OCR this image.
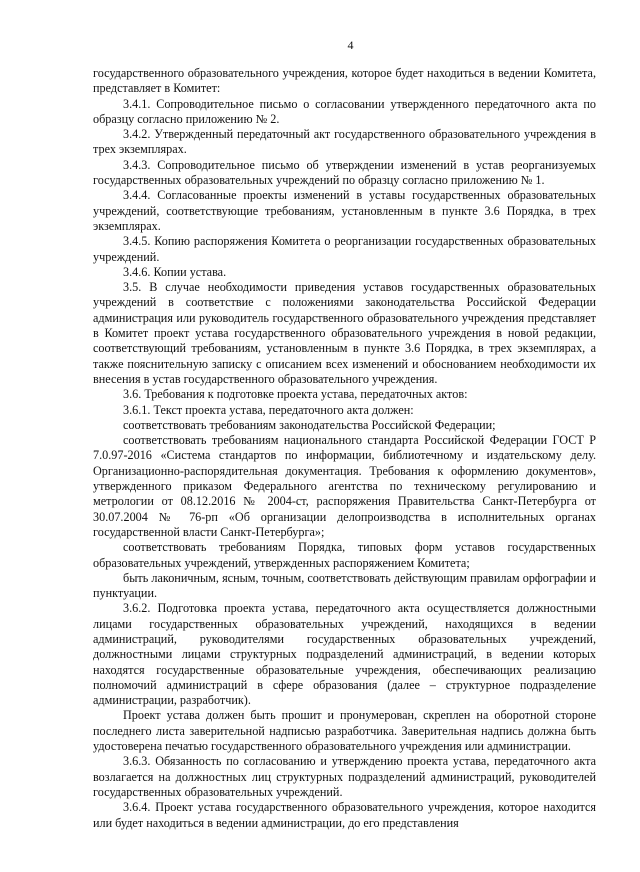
4

государственного образовательного учреждения, которое будет находиться в ведении Комитета, представляет в Комитет:

3.4.1. Сопроводительное письмо о согласовании утвержденного передаточного акта по образцу согласно приложению № 2.

3.4.2. Утвержденный передаточный акт государственного образовательного учреждения в трех экземплярах.

3.4.3. Сопроводительное письмо об утверждении изменений в устав реорганизуемых государственных образовательных учреждений по образцу согласно приложению № 1.

3.4.4. Согласованные проекты изменений в уставы государственных образовательных учреждений, соответствующие требованиям, установленным в пункте 3.6 Порядка, в трех экземплярах.

3.4.5. Копию распоряжения Комитета о реорганизации государственных образовательных учреждений.

3.4.6. Копии устава.

3.5. В случае необходимости приведения уставов государственных образовательных учреждений в соответствие с положениями законодательства Российской Федерации администрация или руководитель государственного образовательного учреждения представляет в Комитет проект устава государственного образовательного учреждения в новой редакции, соответствующий требованиям, установленным в пункте 3.6 Порядка, в трех экземплярах, а также пояснительную записку с описанием всех изменений и обоснованием необходимости их внесения в устав государственного образовательного учреждения.

3.6. Требования к подготовке проекта устава, передаточных актов:

3.6.1. Текст проекта устава, передаточного акта должен:

соответствовать требованиям законодательства Российской Федерации;

соответствовать требованиям национального стандарта Российской Федерации ГОСТ Р 7.0.97-2016 «Система стандартов по информации, библиотечному и издательскому делу. Организационно-распорядительная документация. Требования к оформлению документов», утвержденного приказом Федерального агентства по техническому регулированию и метрологии от 08.12.2016 № 2004-ст, распоряжения Правительства Санкт-Петербурга от 30.07.2004 № 76-рп «Об организации делопроизводства в исполнительных органах государственной власти Санкт-Петербурга»;

соответствовать требованиям Порядка, типовых форм уставов государственных образовательных учреждений, утвержденных распоряжением Комитета;

быть лаконичным, ясным, точным, соответствовать действующим правилам орфографии и пунктуации.

3.6.2. Подготовка проекта устава, передаточного акта осуществляется должностными лицами государственных образовательных учреждений, находящихся в ведении администраций, руководителями государственных образовательных учреждений, должностными лицами структурных подразделений администраций, в ведении которых находятся государственные образовательные учреждения, обеспечивающих реализацию полномочий администраций в сфере образования (далее – структурное подразделение администрации, разработчик).

Проект устава должен быть прошит и пронумерован, скреплен на оборотной стороне последнего листа заверительной надписью разработчика. Заверительная надпись должна быть удостоверена печатью государственного образовательного учреждения или администрации.

3.6.3. Обязанность по согласованию и утверждению проекта устава, передаточного акта возлагается на должностных лиц структурных подразделений администраций, руководителей государственных образовательных учреждений.

3.6.4. Проект устава государственного образовательного учреждения, которое находится или будет находиться в ведении администрации, до его представления
